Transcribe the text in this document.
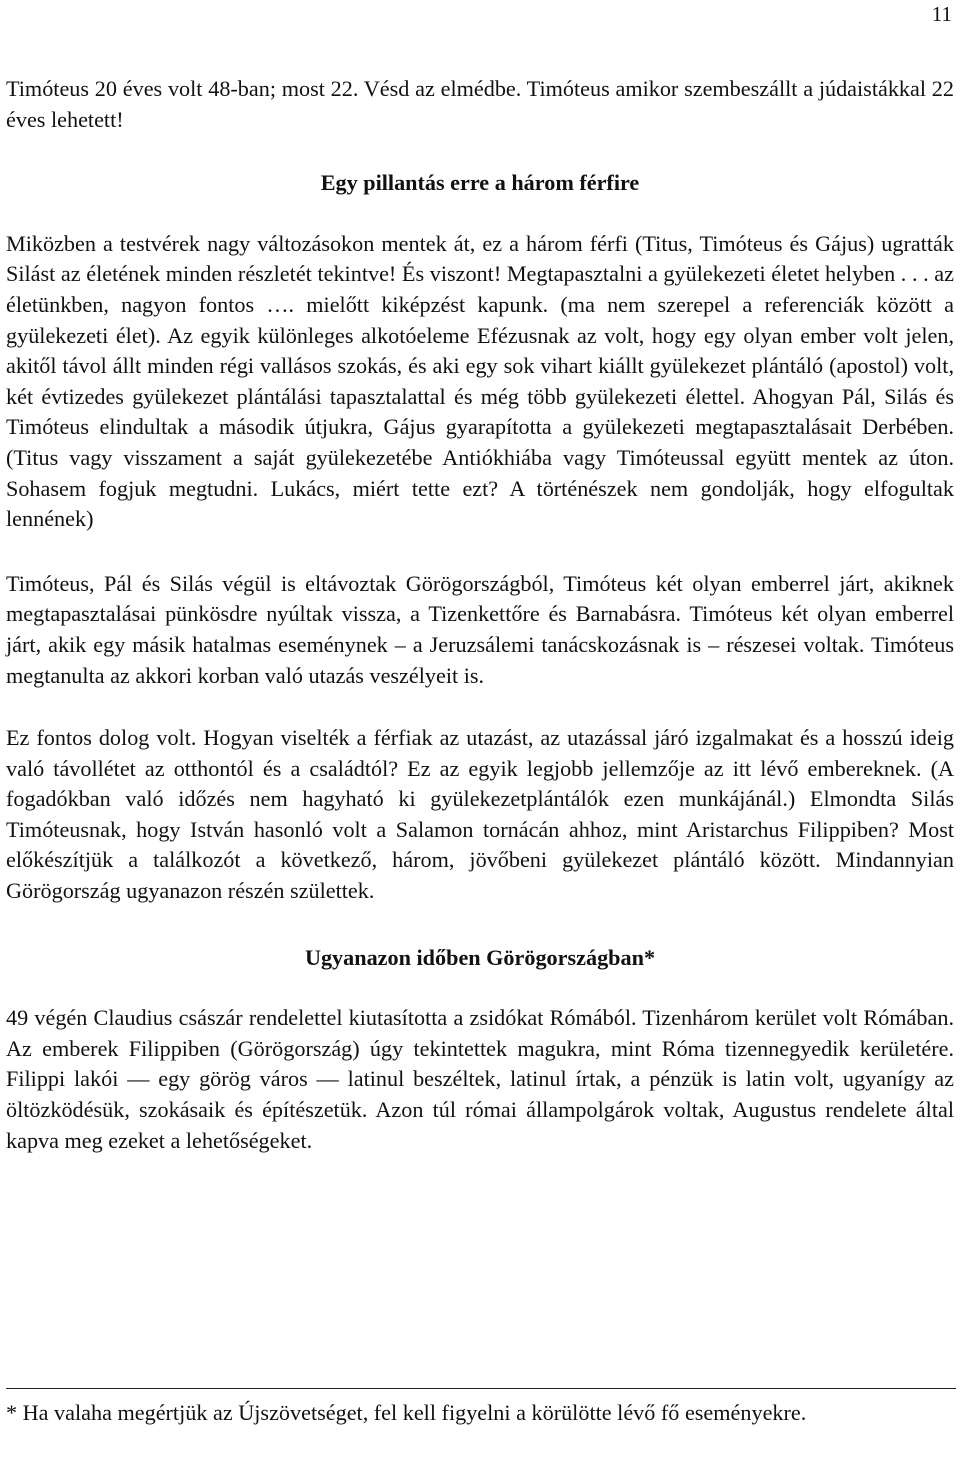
11

Timóteus 20 éves volt 48-ban; most 22. Vésd az elmédbe. Timóteus amikor szembeszállt a júdaistákkal 22 éves lehetett!

Egy pillantás erre a három férfire

Miközben a testvérek nagy változásokon mentek át, ez a három férfi (Titus, Timóteus és Gájus) ugratták Silást az életének minden részletét tekintve! És viszont! Megtapasztalni a gyülekezeti életet helyben . . . az életünkben, nagyon fontos …. mielőtt kiképzést kapunk. (ma nem szerepel a referenciák között a gyülekezeti élet). Az egyik különleges alkotóeleme Efézusnak az volt, hogy egy olyan ember volt jelen, akitől távol állt minden régi vallásos szokás, és aki egy sok vihart kiállt gyülekezet plántáló (apostol) volt, két évtizedes gyülekezet plántálási tapasztalattal és még több gyülekezeti élettel. Ahogyan Pál, Silás és Timóteus elindultak a második útjukra, Gájus gyarapította a gyülekezeti megtapasztalásait Derbében. (Titus vagy visszament a saját gyülekezetébe Antiókhiába vagy Timóteussal együtt mentek az úton. Sohasem fogjuk megtudni. Lukács, miért tette ezt? A történészek nem gondolják, hogy elfogultak lennének)

Timóteus, Pál és Silás végül is eltávoztak Görögországból, Timóteus két olyan emberrel járt, akiknek megtapasztalásai pünkösdre nyúltak vissza, a Tizenkettőre és Barnabásra. Timóteus két olyan emberrel járt, akik egy másik hatalmas eseménynek – a Jeruzsálemi tanácskozásnak is – részesei voltak. Timóteus megtanulta az akkori korban való utazás veszélyeit is.

Ez fontos dolog volt. Hogyan viselték a férfiak az utazást, az utazással járó izgalmakat és a hosszú ideig való távollétet az otthontól és a családtól? Ez az egyik legjobb jellemzője az itt lévő embereknek. (A fogadókban való időzés nem hagyható ki gyülekezetplántálók ezen munkájánál.) Elmondta Silás Timóteusnak, hogy István hasonló volt a Salamon tornácán ahhoz, mint Aristarchus Filippiben? Most előkészítjük a találkozót a következő, három, jövőbeni gyülekezet plántáló között. Mindannyian Görögország ugyanazon részén születtek.

Ugyanazon időben Görögországban*

49 végén Claudius császár rendelettel kiutasította a zsidókat Rómából. Tizenhárom kerület volt Rómában. Az emberek Filippiben (Görögország) úgy tekintettek magukra, mint Róma tizennegyedik kerületére. Filippi lakói — egy görög város — latinul beszéltek, latinul írtak, a pénzük is latin volt, ugyanígy az öltözködésük, szokásaik és építészetük. Azon túl római állampolgárok voltak, Augustus rendelete által kapva meg ezeket a lehetőségeket.

* Ha valaha megértjük az Újszövetséget, fel kell figyelni a körülötte lévő fő eseményekre.
